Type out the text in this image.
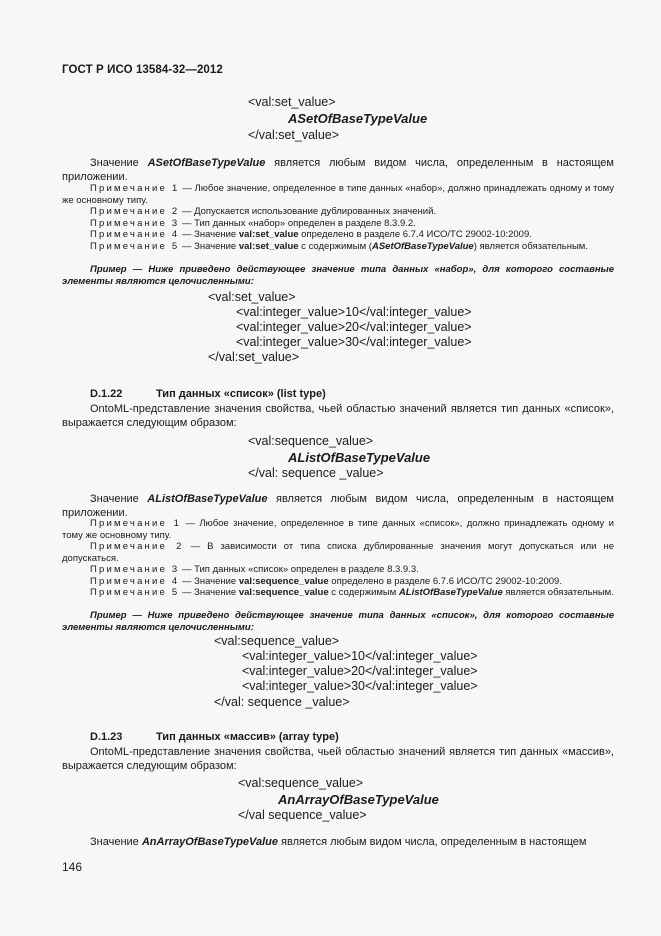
ГОСТ Р ИСО 13584-32—2012
<val:set_value>
ASetOfBaseTypeValue
</val:set_value>
Значение ASetOfBaseTypeValue является любым видом числа, определенным в настоящем приложении.
Примечание 1 — Любое значение, определенное в типе данных «набор», должно принадлежать одному и тому же основному типу.
Примечание 2 — Допускается использование дублированных значений.
Примечание 3 — Тип данных «набор» определен в разделе 8.3.9.2.
Примечание 4 — Значение val:set_value определено в разделе 6.7.4 ИСО/ТС 29002-10:2009.
Примечание 5 — Значение val:set_value с содержимым (ASetOfBaseTypeValue) является обязательным.
Пример — Ниже приведено действующее значение типа данных «набор», для которого составные элементы являются целочисленными:
<val:set_value>
<val:integer_value>10</val:integer_value>
<val:integer_value>20</val:integer_value>
<val:integer_value>30</val:integer_value>
</val:set_value>
D.1.22	Тип данных «список» (list type)
OntoML-представление значения свойства, чьей областью значений является тип данных «список», выражается следующим образом:
<val:sequence_value>
AListOfBaseTypeValue
</val: sequence _value>
Значение AListOfBaseTypeValue является любым видом числа, определенным в настоящем приложении.
Примечание 1 — Любое значение, определенное в типе данных «список», должно принадлежать одному и тому же основному типу.
Примечание 2 — В зависимости от типа списка дублированные значения могут допускаться или не допускаться.
Примечание 3 — Тип данных «список» определен в разделе 8.3.9.3.
Примечание 4 — Значение val:sequence_value определено в разделе 6.7.6 ИСО/ТС 29002-10:2009.
Примечание 5 — Значение val:sequence_value с содержимым AListOfBaseTypeValue является обязательным.
Пример — Ниже приведено действующее значение типа данных «список», для которого составные элементы являются целочисленными:
<val:sequence_value>
<val:integer_value>10</val:integer_value>
<val:integer_value>20</val:integer_value>
<val:integer_value>30</val:integer_value>
</val: sequence _value>
D.1.23	Тип данных «массив» (array type)
OntoML-представление значения свойства, чьей областью значений является тип данных «массив», выражается следующим образом:
<val:sequence_value>
AnArrayOfBaseTypeValue
</val sequence_value>
Значение AnArrayOfBaseTypeValue является любым видом числа, определенным в настоящем
146
